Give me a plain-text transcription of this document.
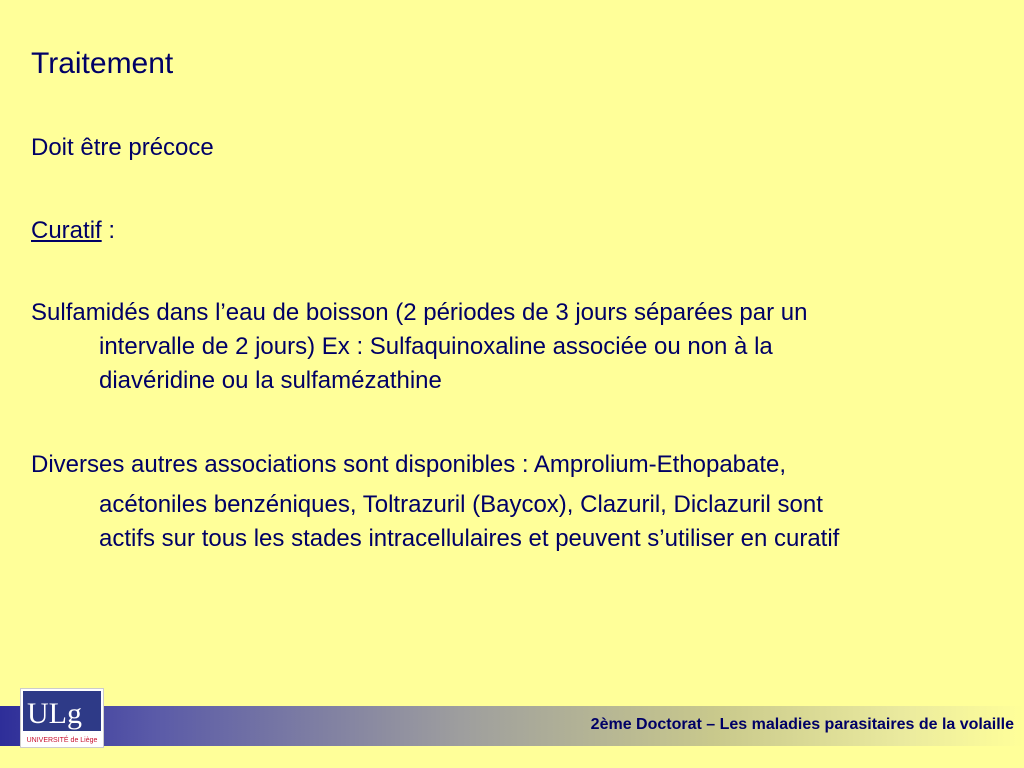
Traitement

Doit être précoce

Curatif :

Sulfamidés dans l’eau de boisson (2 périodes de 3 jours séparées par un
intervalle de 2 jours) Ex : Sulfaquinoxaline associée ou non à la
diavéridine ou la sulfamézathine

Diverses autres associations sont disponibles : Amprolium-Ethopabate,
acétoniles benzéniques, Toltrazuril (Baycox), Clazuril, Diclazuril sont
actifs sur tous les stades intracellulaires et peuvent s’utiliser en curatif

2ème Doctorat – Les maladies parasitaires de la volaille
ULg
UNIVERSITÉ de Liège
